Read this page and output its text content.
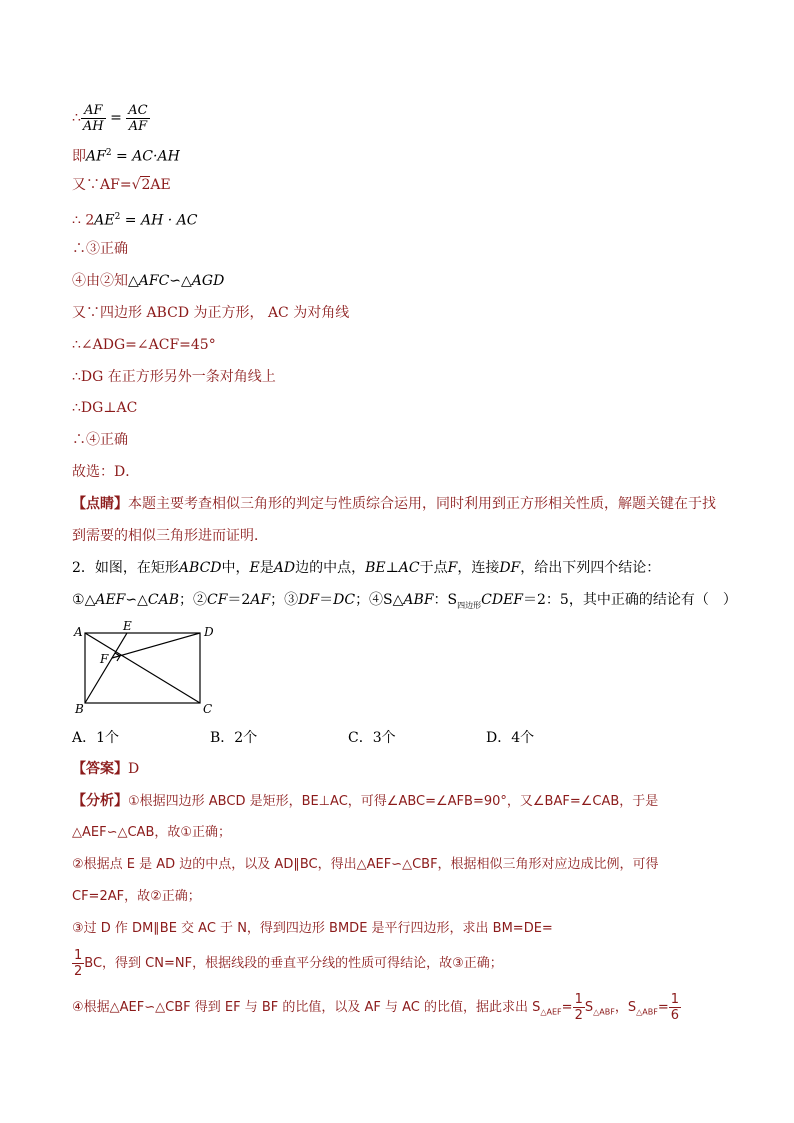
∴ $\frac{AF}{AH} = \frac{AC}{AF}$
即$AF^2 = AC\cdot AH$
又∵AF=√2AE
∴ $2AE^2$ = AH · AC
∴③正确
④由②知△AFC∽△AGD
又∵四边形 ABCD 为正方形， AC 为对角线
∴∠ADG=∠ACF=45°
∴DG 在正方形另外一条对角线上
∴DG⊥AC
∴④正确
故选：D．
【点睛】本题主要考查相似三角形的判定与性质综合运用，同时利用到正方形相关性质，解题关键在于找
到需要的相似三角形进而证明．
2．如图，在矩形ABCD中，E是AD边的中点，BE⊥AC于点F，连接DF，给出下列四个结论：
①△AEF∽△CAB；②CF＝2AF；③DF＝DC；④S△ABF：$S_{四边形}CDEF=2$：5，其中正确的结论有（　）
A	E	D
F
B	C
A．1个	B．2个	C．3个	D．4个
【答案】D
【分析】①根据四边形 ABCD 是矩形，BE⊥AC，可得∠ABC=∠AFB=90°，又∠BAF=∠CAB，于是
△AEF∽△CAB，故①正确；
②根据点 E 是 AD 边的中点，以及 AD∥BC，得出△AEF∽△CBF，根据相似三角形对应边成比例，可得
CF=2AF，故②正确；
③过 D 作 DM∥BE 交 AC 于 N，得到四边形 BMDE 是平行四边形，求出 BM=DE=
$\frac{1}{2}$ BC，得到 CN=NF，根据线段的垂直平分线的性质可得结论，故③正确；
④根据△AEF∽△CBF 得到 EF 与 BF 的比值，以及 AF 与 AC 的比值，据此求出 $S_{\triangle AEF}= \frac{1}{2} S_{\triangle ABF}$，$S_{\triangle ABF}= \frac{1}{6}$
